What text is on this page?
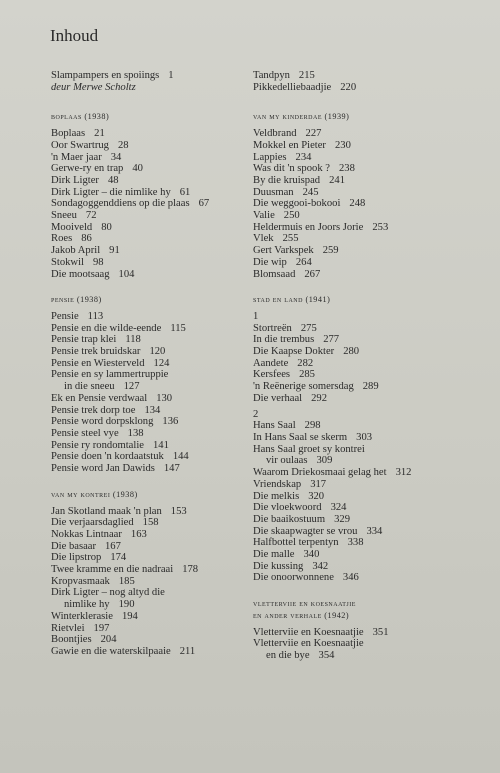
Inhoud
Slampampers en spoiings 1
deur Merwe Scholtz
boplaas (1938)
Boplaas 21
Oor Swartrug 28
'n Maer jaar 34
Gerwe-ry en trap 40
Dirk Ligter 48
Dirk Ligter – die nimlike hy 61
Sondagoggenddiens op die plaas 67
Sneeu 72
Mooiveld 80
Roes 86
Jakob April 91
Stokwil 98
Die mootsaag 104
pensie (1938)
Pensie 113
Pensie en die wilde-eende 115
Pensie trap klei 118
Pensie trek bruidskar 120
Pensie en Wiesterveld 124
Pensie en sy lammertruppie
in die sneeu 127
Ek en Pensie verdwaal 130
Pensie trek dorp toe 134
Pensie word dorpsklong 136
Pensie steel vye 138
Pensie ry rondomtalie 141
Pensie doen 'n kordaatstuk 144
Pensie word Jan Dawids 147
van my kontrei (1938)
Jan Skotland maak 'n plan 153
Die verjaarsdaglied 158
Nokkas Lintnaar 163
Die basaar 167
Die lipstrop 174
Twee kramme en die nadraai 178
Kropvasmaak 185
Dirk Ligter – nog altyd die
nimlike hy 190
Winterklerasie 194
Rietvlei 197
Boontjies 204
Gawie en die waterskilpaaie 211
Tandpyn 215
Pikkedelliebaadjie 220
van my kinderdae (1939)
Veldbrand 227
Mokkel en Pieter 230
Lappies 234
Was dit 'n spook ? 238
By die kruispad 241
Duusman 245
Die weggooi-bokooi 248
Valie 250
Heldermuis en Joors Jorie 253
Vlek 255
Gert Varkspek 259
Die wip 264
Blomsaad 267
stad en land (1941)
1
Stortreën 275
In die trembus 277
Die Kaapse Dokter 280
Aandete 282
Kersfees 285
'n Reënerige somersdag 289
Die verhaal 292
2
Hans Saal 298
In Hans Saal se skerm 303
Hans Saal groet sy kontrei
vir oulaas 309
Waarom Driekosmaai gelag het 312
Vriendskap 317
Die melkis 320
Die vloekwoord 324
Die baaikostuum 329
Die skaapwagter se vrou 334
Halfbottel terpentyn 338
Die malle 340
Die kussing 342
Die onoorwonnene 346
vletterviie en koesnaatjie
en ander verhale (1942)
Vletterviie en Koesnaatjie 351
Vletterviie en Koesnaatjie
en die bye 354
